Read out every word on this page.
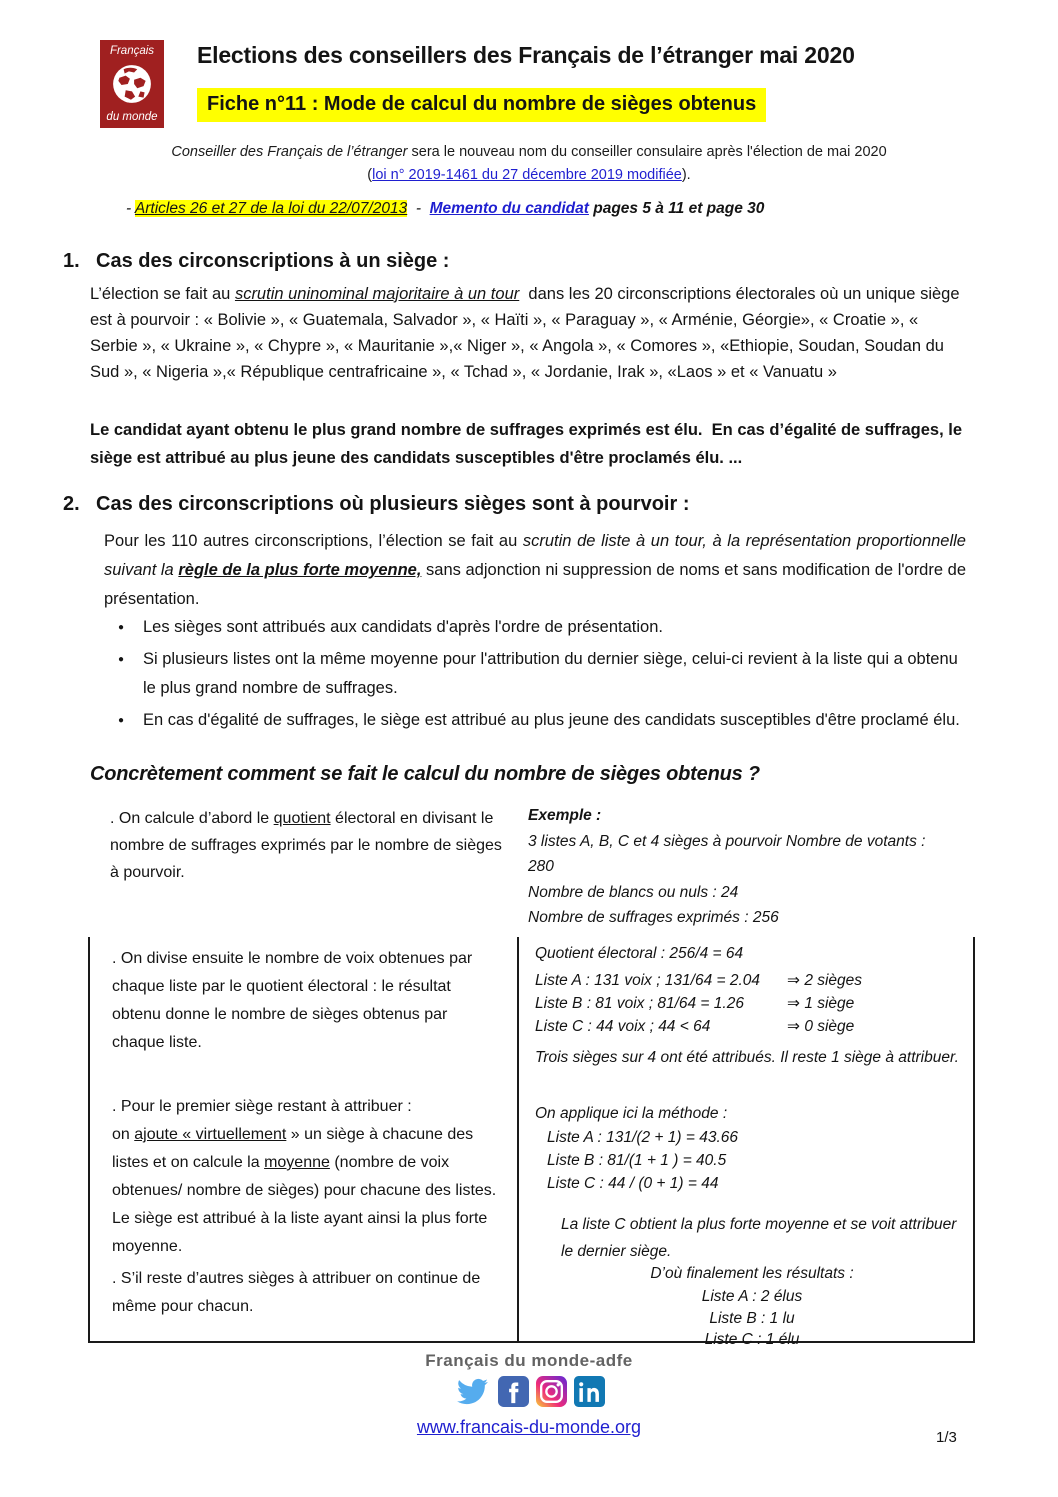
Français
du monde
Elections des conseillers des Français de l’étranger mai 2020
Fiche n°11 : Mode de calcul du nombre de sièges obtenus
Conseiller des Français de l’étranger sera le nouveau nom du conseiller consulaire après l'élection de mai 2020
(loi n° 2019-1461 du 27 décembre 2019 modifiée).
- Articles 26 et 27 de la loi du 22/07/2013  -  Memento du candidat pages 5 à 11 et page 30
1. Cas des circonscriptions à un siège :
L’élection se fait au scrutin uninominal majoritaire à un tour  dans les 20 circonscriptions électorales où un unique siège est à pourvoir : « Bolivie », « Guatemala, Salvador », « Haïti », « Paraguay », « Arménie, Géorgie», « Croatie », « Serbie », « Ukraine », « Chypre », « Mauritanie »,« Niger », « Angola », « Comores », «Ethiopie, Soudan, Soudan du Sud », « Nigeria »,« République centrafricaine », « Tchad », « Jordanie, Irak », «Laos » et « Vanuatu »
Le candidat ayant obtenu le plus grand nombre de suffrages exprimés est élu.  En cas d’égalité de suffrages, le siège est attribué au plus jeune des candidats susceptibles d'être proclamés élu. ...
2. Cas des circonscriptions où plusieurs sièges sont à pourvoir :
Pour les 110 autres circonscriptions, l’élection se fait au scrutin de liste à un tour, à la représentation proportionnelle suivant la règle de la plus forte moyenne, sans adjonction ni suppression de noms et sans modification de l'ordre de présentation.
● Les sièges sont attribués aux candidats d'après l'ordre de présentation.
● Si plusieurs listes ont la même moyenne pour l'attribution du dernier siège, celui-ci revient à la liste qui a obtenu le plus grand nombre de suffrages.
● En cas d'égalité de suffrages, le siège est attribué au plus jeune des candidats susceptibles d'être proclamé élu.
Concrètement comment se fait le calcul du nombre de sièges obtenus ?
. On calcule d’abord le quotient électoral en divisant le nombre de suffrages exprimés par le nombre de sièges à pourvoir.
Exemple :
3 listes A, B, C et 4 sièges à pourvoir Nombre de votants :
280
Nombre de blancs ou nuls : 24
Nombre de suffrages exprimés : 256
. On divise ensuite le nombre de voix obtenues par chaque liste par le quotient électoral : le résultat obtenu donne le nombre de sièges obtenus par chaque liste.
. Pour le premier siège restant à attribuer :
on ajoute « virtuellement » un siège à chacune des listes et on calcule la moyenne (nombre de voix obtenues/ nombre de sièges) pour chacune des listes. Le siège est attribué à la liste ayant ainsi la plus forte moyenne.
. S’il reste d’autres sièges à attribuer on continue de même pour chacun.
Quotient électoral : 256/4 = 64
Liste A : 131 voix ; 131/64 = 2.04	⇒ 2 sièges
Liste B : 81 voix ; 81/64 = 1.26	⇒ 1 siège
Liste C : 44 voix ; 44 < 64	⇒ 0 siège
Trois sièges sur 4 ont été attribués. Il reste 1 siège à attribuer.
On applique ici la méthode :
Liste A : 131/(2 + 1) = 43.66
Liste B : 81/(1 + 1 ) = 40.5
Liste C : 44 / (0 + 1) = 44
La liste C obtient la plus forte moyenne et se voit attribuer le dernier siège.
D’où finalement les résultats :
Liste A : 2 élus
Liste B : 1 lu
Liste C : 1 élu
Français du monde-adfe
www.francais-du-monde.org
1/3
